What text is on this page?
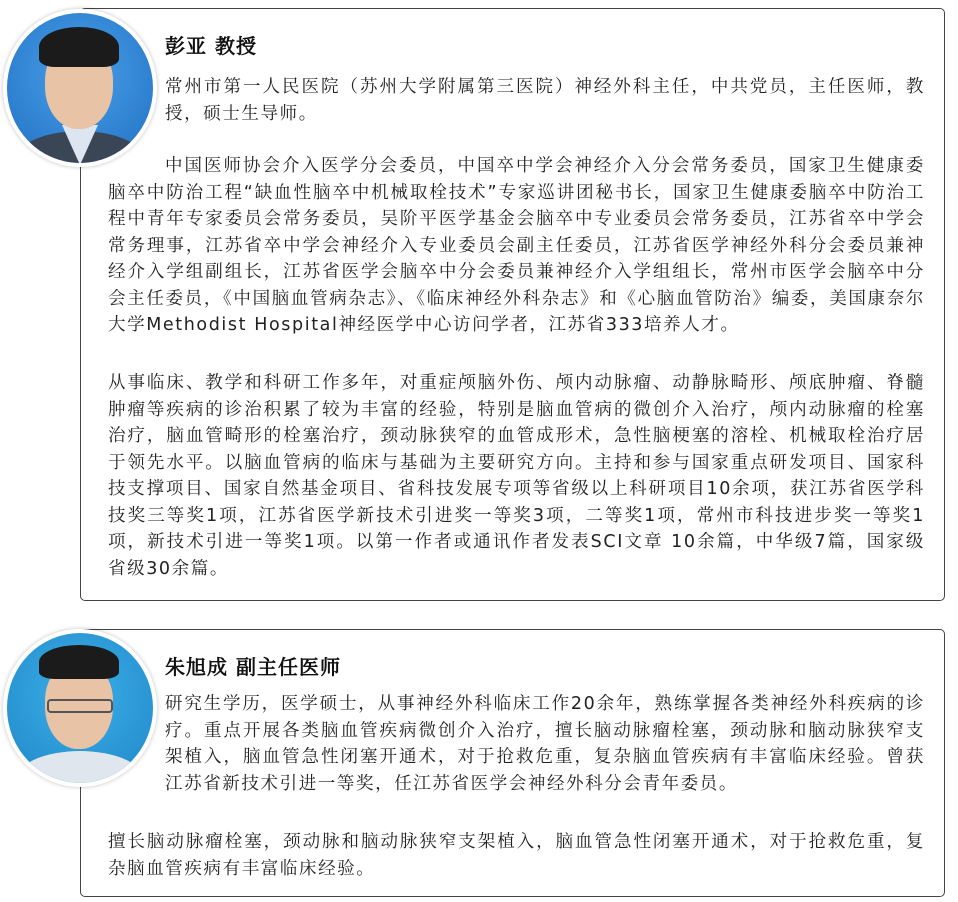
彭亚 教授

常州市第一人民医院（苏州大学附属第三医院）神经外科主任，中共党员，主任医师，教授，硕士生导师。

中国医师协会介入医学分会委员，中国卒中学会神经介入分会常务委员，国家卫生健康委脑卒中防治工程“缺血性脑卒中机械取栓技术”专家巡讲团秘书长，国家卫生健康委脑卒中防治工程中青年专家委员会常务委员，吴阶平医学基金会脑卒中专业委员会常务委员，江苏省卒中学会常务理事，江苏省卒中学会神经介入专业委员会副主任委员，江苏省医学神经外科分会委员兼神经介入学组副组长，江苏省医学会脑卒中分会委员兼神经介入学组组长，常州市医学会脑卒中分会主任委员，《中国脑血管病杂志》、《临床神经外科杂志》和《心脑血管防治》编委，美国康奈尔大学Methodist Hospital神经医学中心访问学者，江苏省333培养人才。

从事临床、教学和科研工作多年，对重症颅脑外伤、颅内动脉瘤、动静脉畸形、颅底肿瘤、脊髓肿瘤等疾病的诊治积累了较为丰富的经验，特别是脑血管病的微创介入治疗，颅内动脉瘤的栓塞治疗，脑血管畸形的栓塞治疗，颈动脉狭窄的血管成形术，急性脑梗塞的溶栓、机械取栓治疗居于领先水平。以脑血管病的临床与基础为主要研究方向。主持和参与国家重点研发项目、国家科技支撑项目、国家自然基金项目、省科技发展专项等省级以上科研项目10余项，获江苏省医学科技奖三等奖1项，江苏省医学新技术引进奖一等奖3项，二等奖1项，常州市科技进步奖一等奖1项，新技术引进一等奖1项。以第一作者或通讯作者发表SCI文章 10余篇，中华级7篇，国家级省级30余篇。

朱旭成 副主任医师

研究生学历，医学硕士，从事神经外科临床工作20余年，熟练掌握各类神经外科疾病的诊疗。重点开展各类脑血管疾病微创介入治疗，擅长脑动脉瘤栓塞，颈动脉和脑动脉狭窄支架植入，脑血管急性闭塞开通术，对于抢救危重，复杂脑血管疾病有丰富临床经验。曾获江苏省新技术引进一等奖，任江苏省医学会神经外科分会青年委员。

擅长脑动脉瘤栓塞，颈动脉和脑动脉狭窄支架植入，脑血管急性闭塞开通术，对于抢救危重，复杂脑血管疾病有丰富临床经验。
